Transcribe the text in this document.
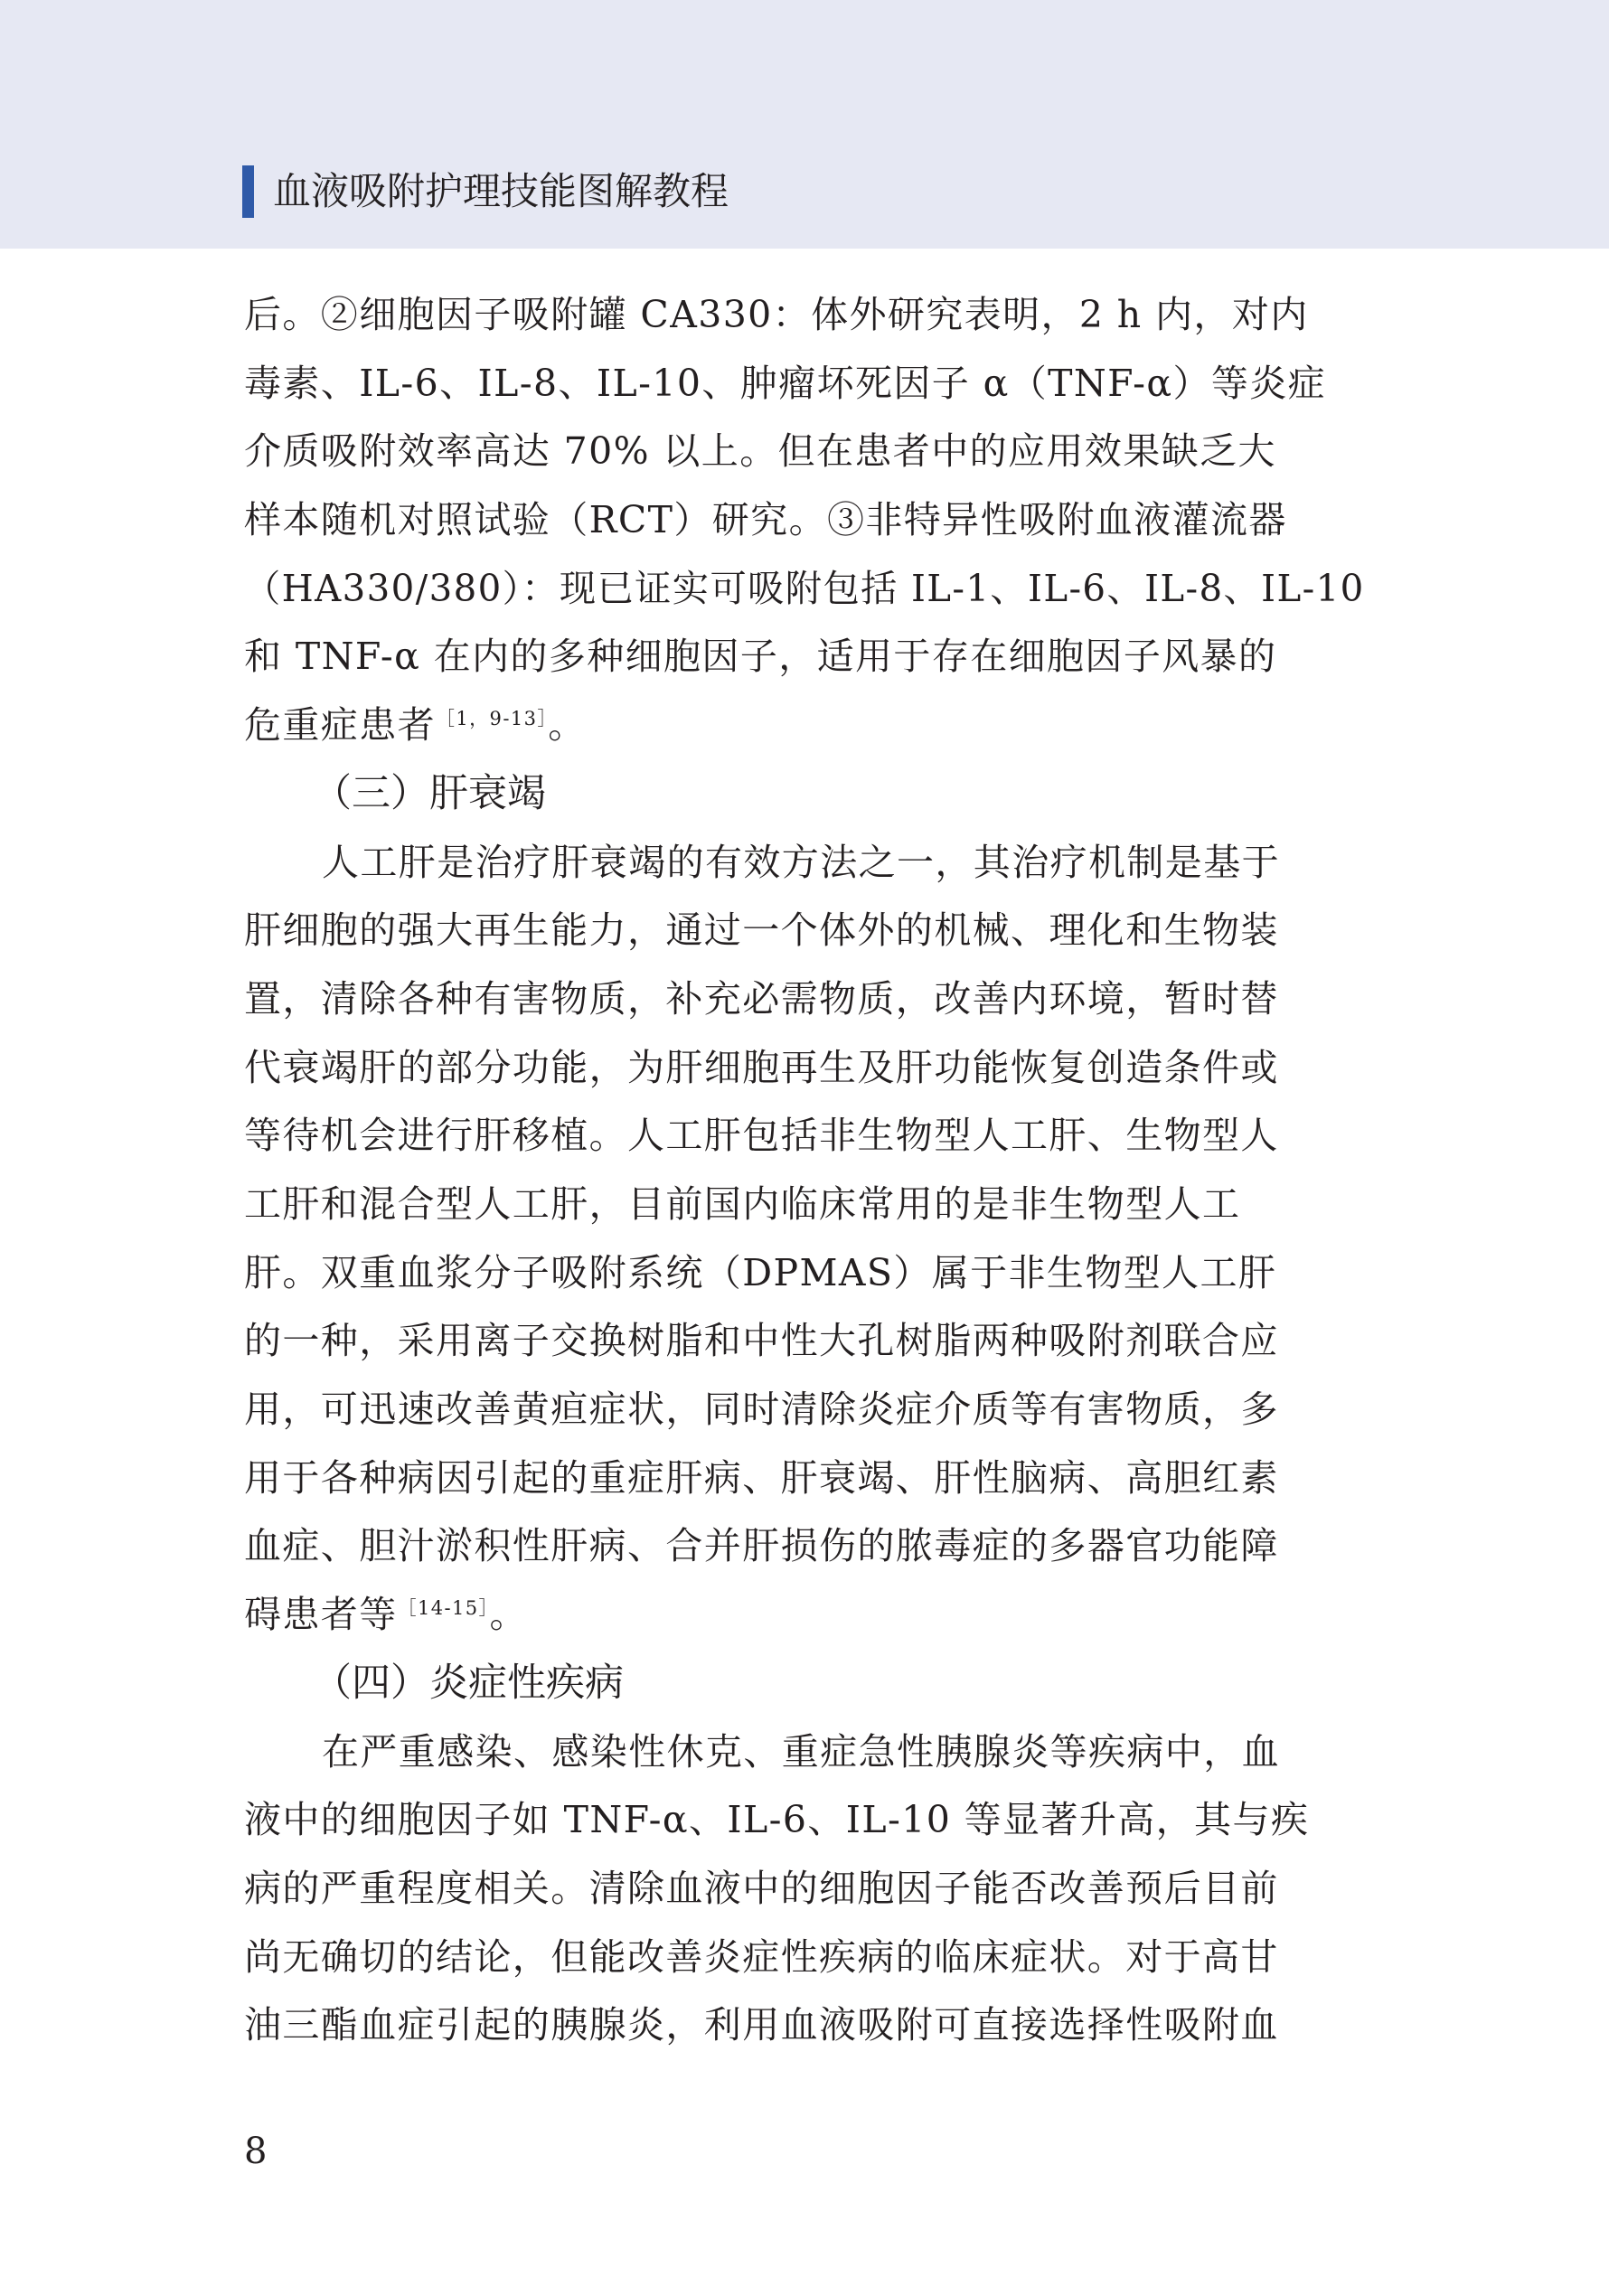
血液吸附护理技能图解教程
后。②细胞因子吸附罐 CA330：体外研究表明，2 h 内，对内
毒素、IL-6、IL-8、IL-10、肿瘤坏死因子 α（TNF-α）等炎症
介质吸附效率高达 70% 以上。但在患者中的应用效果缺乏大
样本随机对照试验（RCT）研究。③非特异性吸附血液灌流器
（HA330/380）：现已证实可吸附包括 IL-1、IL-6、IL-8、IL-10
和 TNF-α 在内的多种细胞因子，适用于存在细胞因子风暴的
危重症患者$^{[1,9-13]}$。
（三）肝衰竭
人工肝是治疗肝衰竭的有效方法之一，其治疗机制是基于
肝细胞的强大再生能力，通过一个体外的机械、理化和生物装
置，清除各种有害物质，补充必需物质，改善内环境，暂时替
代衰竭肝的部分功能，为肝细胞再生及肝功能恢复创造条件或
等待机会进行肝移植。人工肝包括非生物型人工肝、生物型人
工肝和混合型人工肝，目前国内临床常用的是非生物型人工
肝。双重血浆分子吸附系统（DPMAS）属于非生物型人工肝
的一种，采用离子交换树脂和中性大孔树脂两种吸附剂联合应
用，可迅速改善黄疸症状，同时清除炎症介质等有害物质，多
用于各种病因引起的重症肝病、肝衰竭、肝性脑病、高胆红素
血症、胆汁淤积性肝病、合并肝损伤的脓毒症的多器官功能障
碍患者等$^{[14-15]}$。
（四）炎症性疾病
在严重感染、感染性休克、重症急性胰腺炎等疾病中，血
液中的细胞因子如 TNF-α、IL-6、IL-10 等显著升高，其与疾
病的严重程度相关。清除血液中的细胞因子能否改善预后目前
尚无确切的结论，但能改善炎症性疾病的临床症状。对于高甘
油三酯血症引起的胰腺炎，利用血液吸附可直接选择性吸附血
8
